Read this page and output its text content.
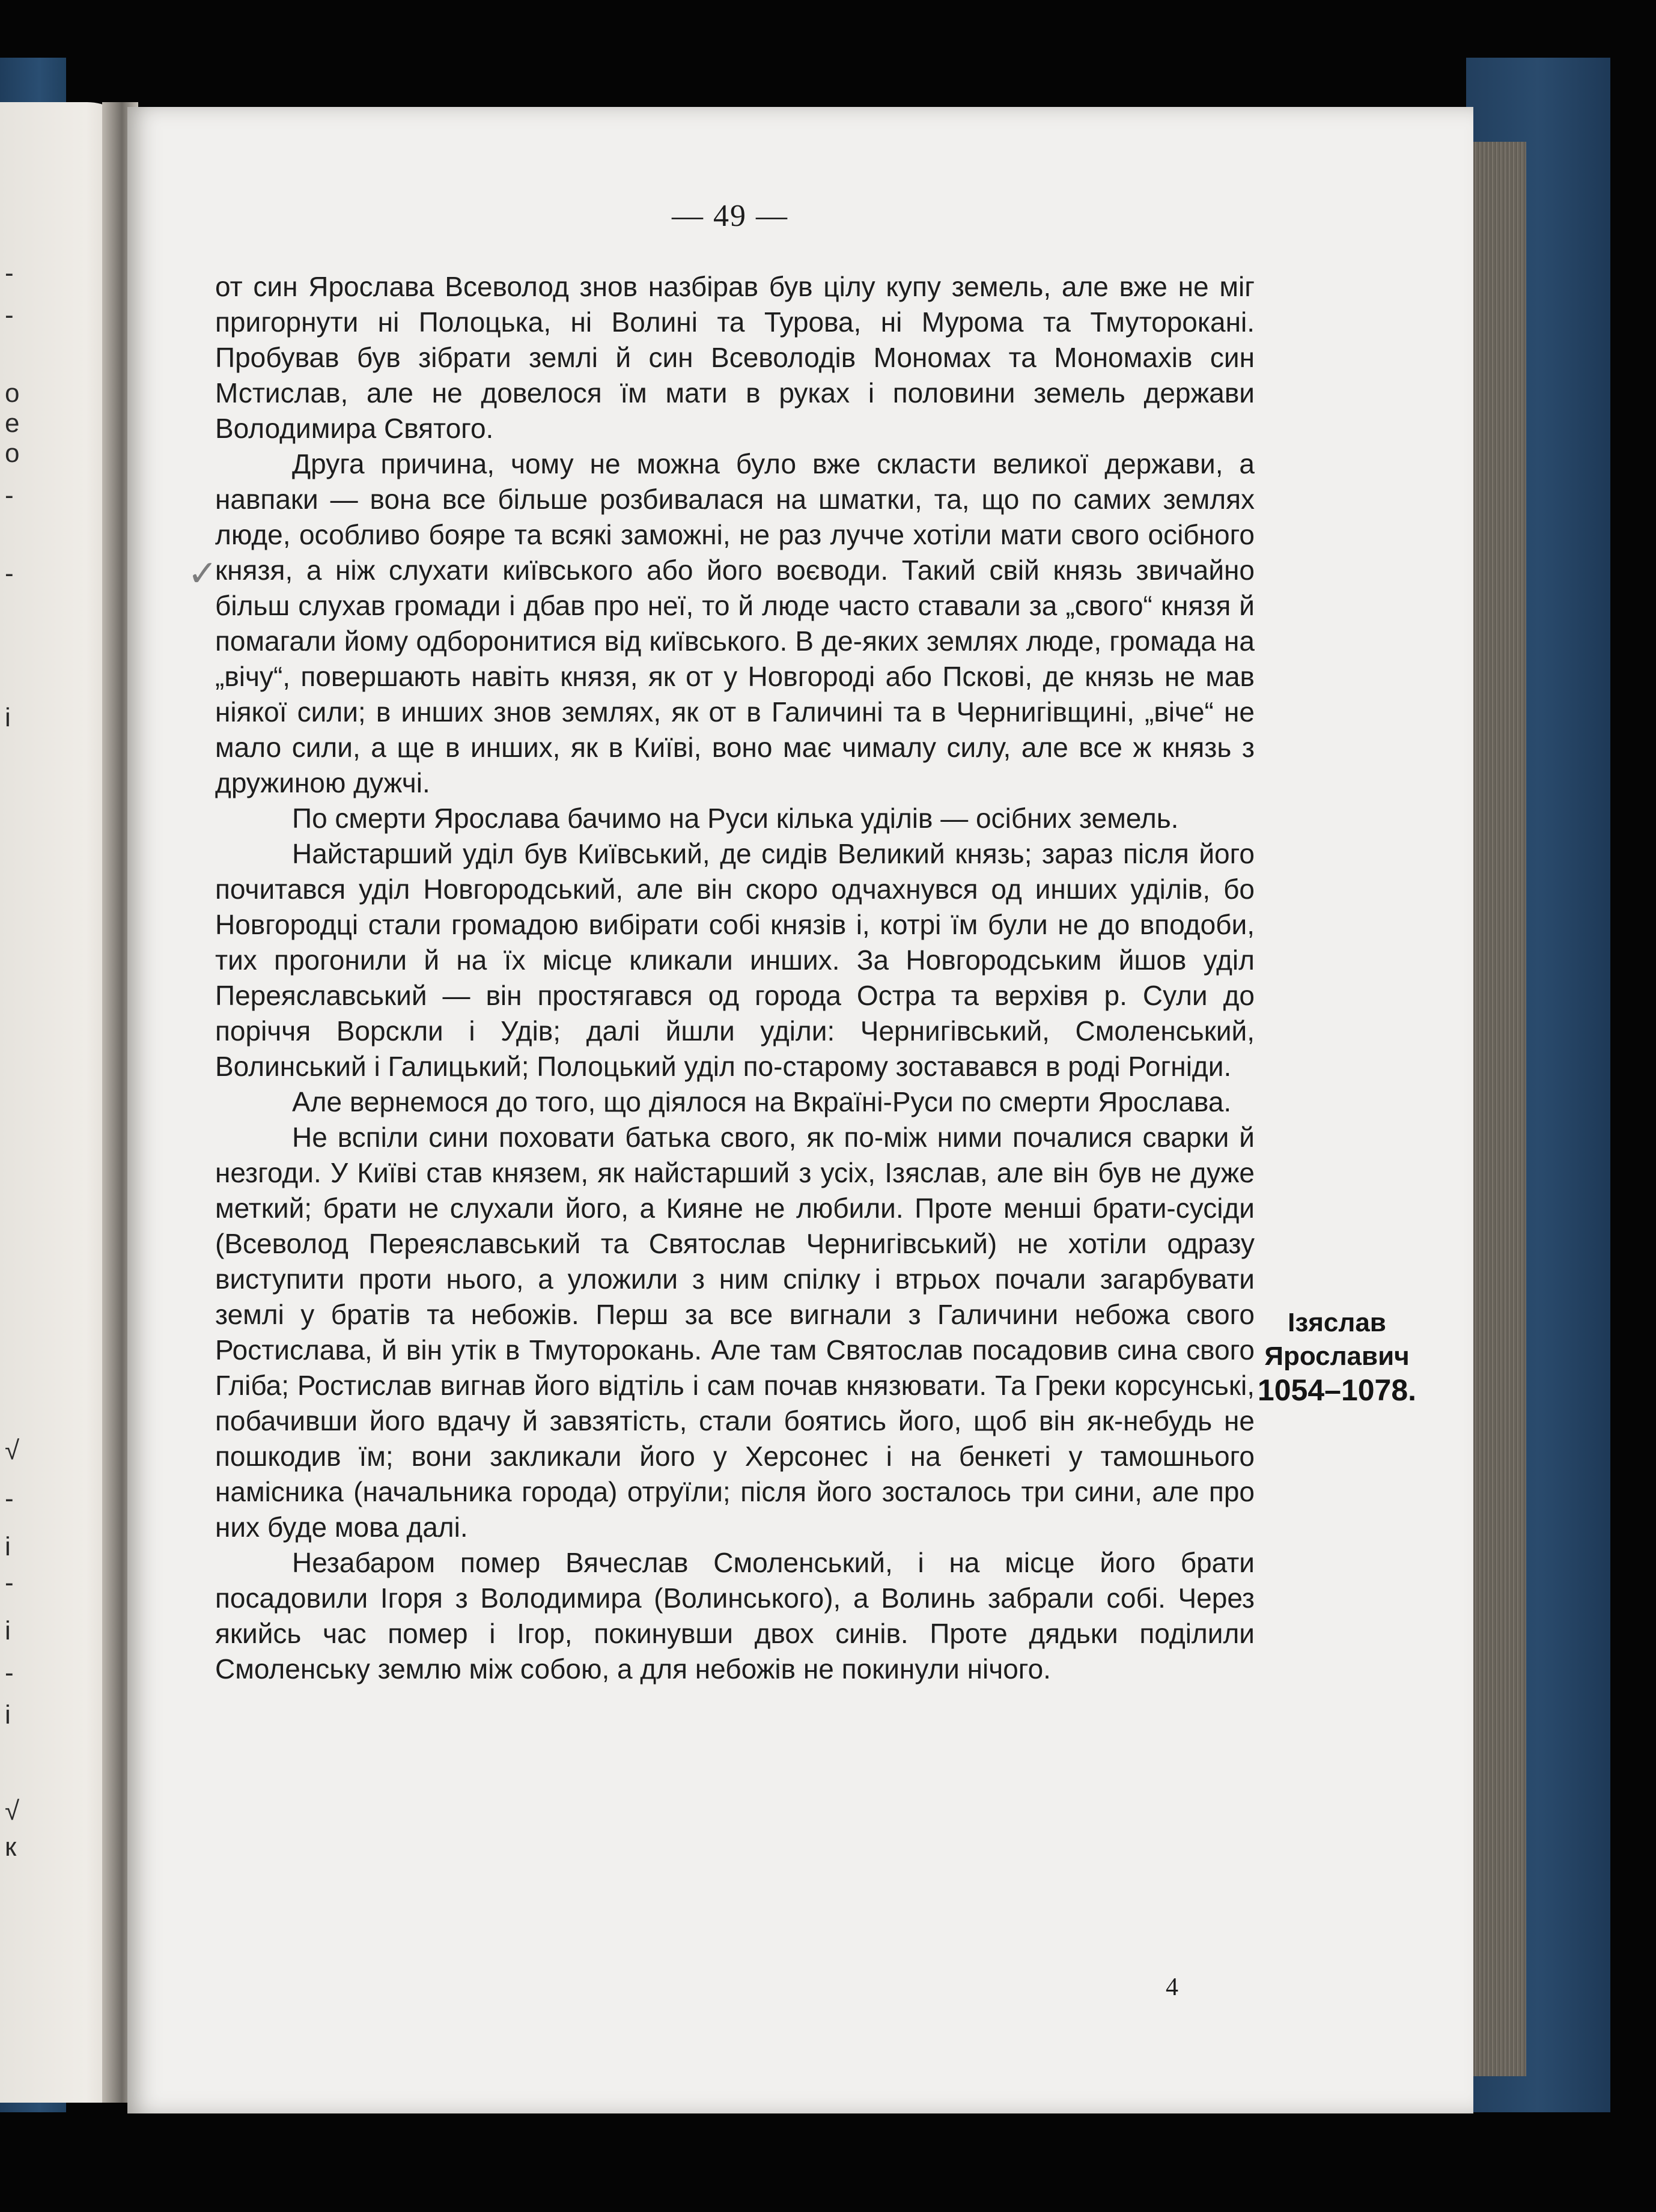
-
-
о
е
о
-
-
і
√
-
і
-
і
-
і
√
к
— 49 —
✓

от син Ярослава Всеволод знов назбірав був цілу купу земель, але вже не міг пригорнути ні Полоцька, ні Волині та Турова, ні Мурома та Тмуторокані. Пробував був зібрати землі й син Всеволодів Мономах та Мономахів син Мстислав, але не довелося їм мати в руках і половини земель держави Володимира Святого.

Друга причина, чому не можна було вже скласти великої держави, а навпаки — вона все більше розбивалася на шматки, та, що по самих землях люде, особливо бояре та всякі заможні, не раз лучче хотіли мати свого осібного князя, а ніж слухати київського або його воєводи. Такий свій князь звичайно більш слухав громади і дбав про неї, то й люде часто ставали за „свого“ князя й помагали йому одборонитися від київського. В де-яких землях люде, громада на „вічу“, повершають навіть князя, як от у Новгороді або Пскові, де князь не мав ніякої сили; в инших знов землях, як от в Галичині та в Чернигівщині, „віче“ не мало сили, а ще в инших, як в Київі, воно має чималу силу, але все ж князь з дружиною дужчі.

По смерти Ярослава бачимо на Руси кілька уділів — осібних земель.

Найстарший уділ був Київський, де сидів Великий князь; зараз після його почитався уділ Новгородський, але він скоро одчахнувся од инших уділів, бо Новгородці стали громадою вибірати собі князів і, котрі їм були не до вподоби, тих прогонили й на їх місце кликали инших. За Новгородським йшов уділ Переяславський — він простягався од города Остра та верхівя р. Сули до поріччя Ворскли і Удів; далі йшли уділи: Чернигівський, Смоленський, Волинський і Галицький; Полоцький уділ по-старому зоставався в роді Рогніди.

Але вернемося до того, що діялося на Вкраїні-Руси по смерти Ярослава.

Не вспіли сини поховати батька свого, як по-між ними почалися сварки й незгоди. У Київі став князем, як найстарший з усіх, Ізяслав, але він був не дуже меткий; брати не слухали його, а Кияне не любили. Проте менші брати-сусіди (Всеволод Переяславський та Святослав Чернигівський) не хотіли одразу виступити проти нього, а уложили з ним спілку і втрьох почали загарбувати землі у братів та небожів. Перш за все вигнали з Галичини небожа свого Ростислава, й він утік в Тмуторокань. Але там Святослав посадовив сина свого Гліба; Ростислав вигнав його відтіль і сам почав князювати. Та Греки корсунські, побачивши його вдачу й завзятість, стали боятись його, щоб він як-небудь не пошкодив їм; вони закликали його у Херсонес і на бенкеті у тамошнього намісника (начальника города) отруїли; після його зосталось три сини, але про них буде мова далі.

Незабаром помер Вячеслав Смоленський, і на місце його брати посадовили Ігоря з Володимира (Волинського), а Волинь забрали собі. Через якийсь час помер і Ігор, покинувши двох синів. Проте дядьки поділили Смоленську землю між собою, а для небожів не покинули нічого.

Ізяслав
Ярославич
1054–1078.
4
